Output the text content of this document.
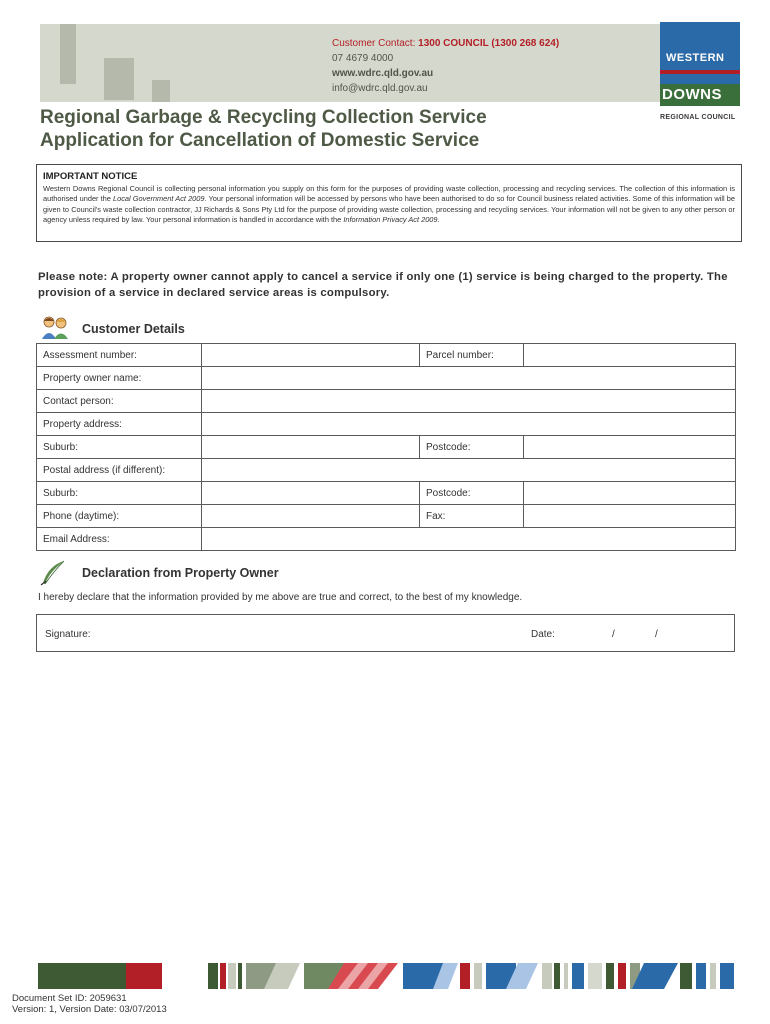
Customer Contact: 1300 COUNCIL (1300 268 624)
07 4679 4000
www.wdrc.qld.gov.au
info@wdrc.qld.gov.au
WESTERN
DOWNS
REGIONAL COUNCIL
Regional Garbage & Recycling Collection Service
Application for Cancellation of Domestic Service
IMPORTANT NOTICE
Western Downs Regional Council is collecting personal information you supply on this form for the purposes of providing waste collection, processing and recycling services. The collection of this information is authorised under the Local Government Act 2009. Your personal information will be accessed by persons who have been authorised to do so for Council business related activities. Some of this information will be given to Council's waste collection contractor, JJ Richards & Sons Pty Ltd for the purpose of providing waste collection, processing and recycling services. Your information will not be given to any other person or agency unless required by law. Your personal information is handled in accordance with the Information Privacy Act 2009.
Please note: A property owner cannot apply to cancel a service if only one (1) service is being charged to the property. The provision of a service in declared service areas is compulsory.
Customer Details
Assessment number:		Parcel number:	
Property owner name:			
Contact person:			
Property address:			
Suburb:		Postcode:	
Postal address (if different):			
Suburb:		Postcode:	
Phone (daytime):		Fax:	
Email Address:			
Declaration from Property Owner
I hereby declare that the information provided by me above are true and correct, to the best of my knowledge.
Signature:	Date:	/	/
Document Set ID: 2059631
Version: 1, Version Date: 03/07/2013
